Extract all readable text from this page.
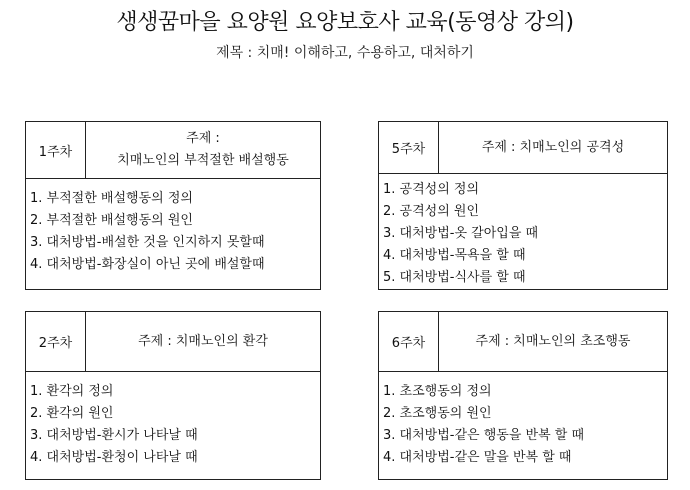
생생꿈마을 요양원 요양보호사 교육(동영상 강의)
제목 : 치매! 이해하고, 수용하고, 대처하기
1주차
주제 :
치매노인의 부적절한 배설행동
1. 부적절한 배설행동의 정의
2. 부적절한 배설행동의 원인
3. 대처방법-배설한 것을 인지하지 못할때
4. 대처방법-화장실이 아닌 곳에 배설할때
2주차	주제 : 치매노인의 환각
1. 환각의 정의
2. 환각의 원인
3. 대처방법-환시가 나타날 때
4. 대처방법-환청이 나타날 때
5주차	주제 : 치매노인의 공격성
1. 공격성의 정의
2. 공격성의 원인
3. 대처방법-옷 갈아입을 때
4. 대처방법-목욕을 할 때
5. 대처방법-식사를 할 때
6주차	주제 : 치매노인의 초조행동
1. 초조행동의 정의
2. 초조행동의 원인
3. 대처방법-같은 행동을 반복 할 때
4. 대처방법-같은 말을 반복 할 때
